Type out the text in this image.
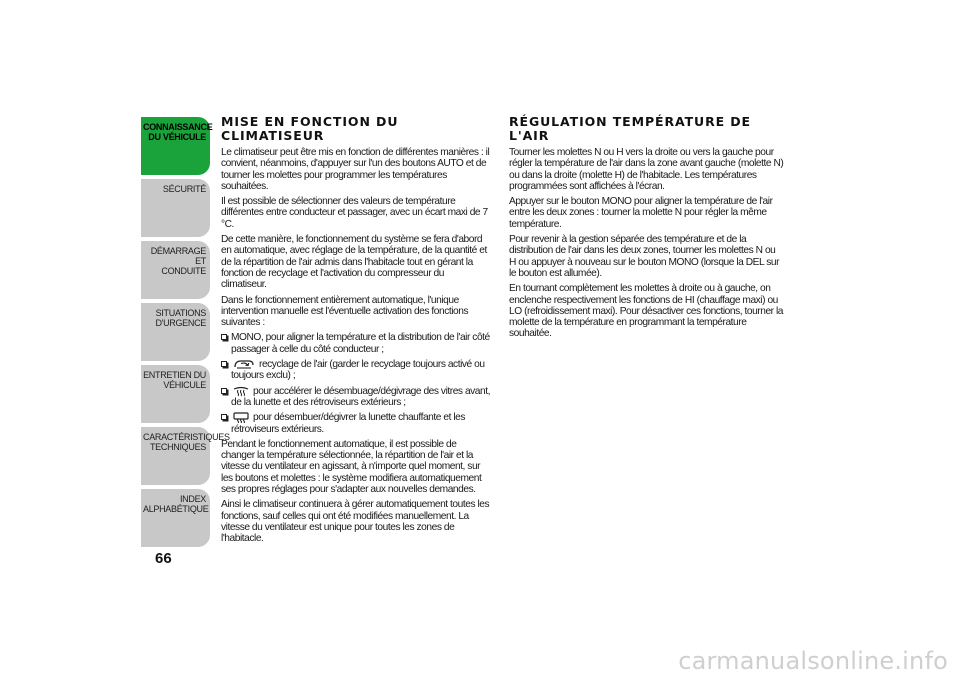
CONNAISSANCE
DU VÉHICULE
SÉCURITÉ
DÉMARRAGE ET
CONDUITE
SITUATIONS
D'URGENCE
ENTRETIEN DU
VÉHICULE
CARACTÉRISTIQUES
TECHNIQUES
INDEX
ALPHABÉTIQUE
66
MISE EN FONCTION DU CLIMATISEUR

Le climatiseur peut être mis en fonction de différentes manières : il convient, néanmoins, d'appuyer sur l'un des boutons AUTO et de tourner les molettes pour programmer les températures souhaitées.

Il est possible de sélectionner des valeurs de température différentes entre conducteur et passager, avec un écart maxi de 7 °C.

De cette manière, le fonctionnement du système se fera d'abord en automatique, avec réglage de la température, de la quantité et de la répartition de l'air admis dans l'habitacle tout en gérant la fonction de recyclage et l'activation du compresseur du climatiseur.

Dans le fonctionnement entièrement automatique, l'unique intervention manuelle est l'éventuelle activation des fonctions suivantes :

MONO, pour aligner la température et la distribution de l'air côté passager à celle du côté conducteur ;
recyclage de l'air (garder le recyclage toujours activé ou toujours exclu) ;
pour accélérer le désembuage/dégivrage des vitres avant, de la lunette et des rétroviseurs extérieurs ;
pour désembuer/dégivrer la lunette chauffante et les rétroviseurs extérieurs.

Pendant le fonctionnement automatique, il est possible de changer la température sélectionnée, la répartition de l'air et la vitesse du ventilateur en agissant, à n'importe quel moment, sur les boutons et molettes : le système modifiera automatiquement ses propres réglages pour s'adapter aux nouvelles demandes.

Ainsi le climatiseur continuera à gérer automatiquement toutes les fonctions, sauf celles qui ont été modifiées manuellement. La vitesse du ventilateur est unique pour toutes les zones de l'habitacle.

RÉGULATION TEMPÉRATURE DE L'AIR

Tourner les molettes N ou H vers la droite ou vers la gauche pour régler la température de l'air dans la zone avant gauche (molette N) ou dans la droite (molette H) de l'habitacle. Les températures programmées sont affichées à l'écran.

Appuyer sur le bouton MONO pour aligner la température de l'air entre les deux zones : tourner la molette N pour régler la même température.

Pour revenir à la gestion séparée des température et de la distribution de l'air dans les deux zones, tourner les molettes N ou H ou appuyer à nouveau sur le bouton MONO (lorsque la DEL sur le bouton est allumée).

En tournant complètement les molettes à droite ou à gauche, on enclenche respectivement les fonctions de HI (chauffage maxi) ou LO (refroidissement maxi). Pour désactiver ces fonctions, tourner la molette de la température en programmant la température souhaitée.

carmanualsonline.info
